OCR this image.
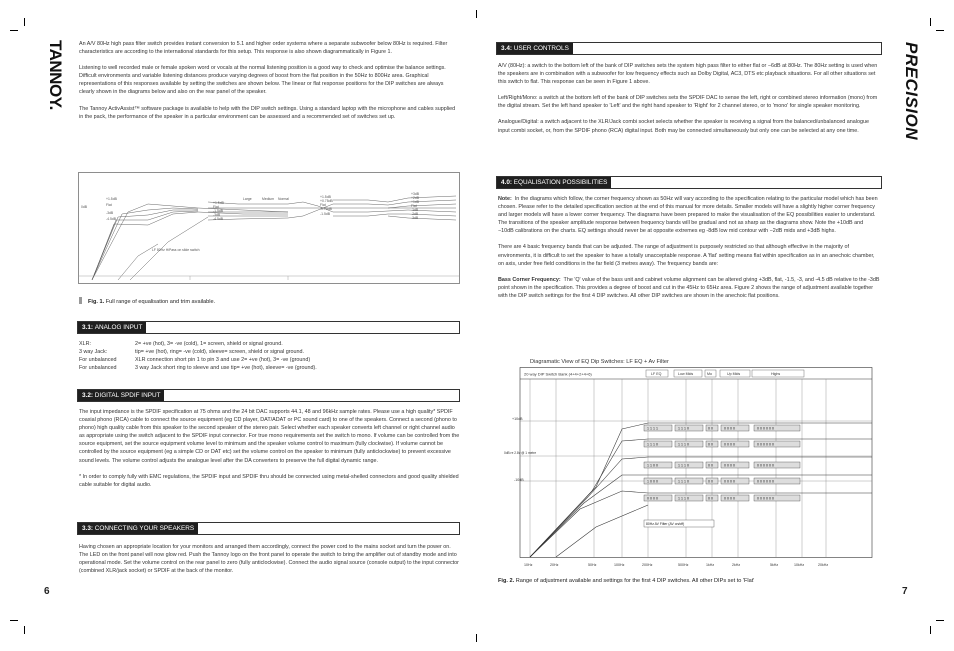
TANNOY.	PRECISION
6	7

An A/V 80Hz high pass filter switch provides instant conversion to 5.1 and higher order systems where a separate subwoofer below 80Hz is required. Filter characteristics are according to the international standards for this setup. This response is also shown diagrammatically in Figure 1.

Listening to well recorded male or female spoken word or vocals at the normal listening position is a good way to check and optimise the balance settings. Difficult environments and variable listening distances produce varying degrees of boost from the flat position in the 50Hz to 800Hz area. Graphical representations of this responses available by setting the switches are shown below. The linear or flat response positions for the DIP switches are always clearly shown in the diagrams below and also on the rear panel of the speaker.

The Tannoy ActivAssist™ software package is available to help with the DIP switch settings. Using a standard laptop with the microphone and cables supplied in the pack, the performance of the speaker in a particular environment can be assessed and a recommended set of switches set up.

0dB
+1.5dB
Flat
-3dB
-4.5dB
+1.5dB
Flat
-1.5dB
-3dB
-4.5dB
Large	Medium Normal	+1.5dB
+0.75dB
Flat
-0.75dB
-1.5dB
+3dB
+2dB
+1dB
Flat
-1dB
-2dB
-3dB
LF 80Hz HiPass on slide switch
Fig. 1. Full range of equalisation and trim available.
3.1: ANALOG INPUT
XLR:	2= +ve (hot), 3= -ve (cold), 1= screen, shield or signal ground.
3 way Jack:	tip= +ve (hot), ring= -ve (cold), sleeve= screen, shield or signal ground.
For unbalanced	XLR connection short pin 1 to pin 3 and use 2= +ve (hot), 3= -ve (ground)
For unbalanced	3 way Jack short ring to sleeve and use tip= +ve (hot), sleeve= -ve (ground).
3.2: DIGITAL SPDIF INPUT

The input impedance is the SPDIF specification at 75 ohms and the 24 bit DAC supports 44.1, 48 and 96kHz sample rates. Please use a high quality* SPDIF coaxial phono (RCA) cable to connect the source equipment (eg CD player, DAT/ADAT or PC sound card) to one of the speakers. Connect a second (phono to phono) high quality cable from this speaker to the second speaker of the stereo pair. Select whether each speaker converts left channel or right channel audio as appropriate using the switch adjacent to the SPDIF input connector. For true mono requirements set the switch to mono. If volume can be controlled from the source equipment, set the source equipment volume level to minimum and the speaker volume control to maximum (fully clockwise). If volume cannot be controlled by the source equipment (eg a simple CD or DAT etc) set the volume control on the speaker to minimum (fully anticlockwise) to prevent excessive sound levels. The volume control adjusts the analogue level after the DA converters to preserve the full digital dynamic range.

* In order to comply fully with EMC regulations, the SPDIF input and SPDIF thru should be connected using metal-shelled connectors and good quality shielded cable suitable for digital audio.

3.3: CONNECTING YOUR SPEAKERS

Having chosen an appropriate location for your monitors and arranged them accordingly, connect the power cord to the mains socket and turn the power on. The LED on the front panel will now glow red. Push the Tannoy logo on the front panel to operate the switch to bring the amplifier out of standby mode and into operational mode. Set the volume control on the rear panel to zero (fully anticlockwise). Connect the audio signal source (console output) to the input connector (combined XLR/jack socket) or SPDIF at the back of the monitor.

3.4: USER CONTROLS

A/V (80Hz): a switch to the bottom left of the bank of DIP switches sets the system high pass filter to either flat or −6dB at 80Hz. The 80Hz setting is used when the speakers are in combination with a subwoofer for low frequency effects such as Dolby Digital, AC3, DTS etc playback situations. For all other situations set this switch to flat. This response can be seen in Figure 1 above.

Left/Right/Mono: a switch at the bottom left of the bank of DIP switches sets the SPDIF DAC to sense the left, right or combined stereo information (mono) from the digital stream. Set the left hand speaker to 'Left' and the right hand speaker to 'Right' for 2 channel stereo, or to 'mono' for single speaker monitoring.

Analogue/Digital: a switch adjacent to the XLR/Jack combi socket selects whether the speaker is receiving a signal from the balanced/unbalanced analogue input combi socket, or, from the SPDIF phono (RCA) digital input. Both may be connected simultaneously but only one can be selected at any one time.

4.0: EQUALISATION POSSIBILITIES

Note: In the diagrams which follow, the corner frequency shown as 50Hz will vary according to the specification relating to the particular model which has been chosen. Please refer to the detailed specification section at the end of this manual for more details. Smaller models will have a slightly higher corner frequency and larger models will have a lower corner frequency. The diagrams have been prepared to make the visualisation of the EQ possibilities easier to understand. The transitions of the speaker amplitude response between frequency bands will be gradual and not as sharp as the diagrams show. Note the +10dB and −10dB calibrations on the charts. EQ settings should never be at opposite extremes eg -8dB low mid contour with −2dB mids and +3dB highs.

There are 4 basic frequency bands that can be adjusted. The range of adjustment is purposely restricted so that although effective in the majority of environments, it is difficult to set the speaker to have a totally unacceptable response. A 'flat' setting means flat within specification as in an anechoic chamber, on axis, under free field conditions in the far field (3 metres away). The frequency bands are:

Bass Corner Frequency: The 'Q' value of the bass unit and cabinet volume alignment can be altered giving +3dB, flat, -1.5, -3, and -4.5 dB relative to the -3dB point shown in the specification. This provides a degree of boost and cut in the 45Hz to 65Hz area. Figure 2 shows the range of adjustment available together with the DIP switch settings for the first 4 DIP switches. All other DIP switches are shown in the anechoic flat positions.

Diagramatic View of EQ Dip Switches: LF EQ + Av Filter
20 way DIP Switch Bank (4+4+2+4+6)	LF EQ	Low Mids	Mo	Up Mids	Highs
+10dB
0dB re 2.8v @ 1 metre
-10dB
1 1 1 1	1 1 1 0	0 0	0 0 0 0	0 0 0 0 0 0
1 1 1 0	1 1 1 0	0 0	0 0 0 0	0 0 0 0 0 0
1 1 0 0	1 1 1 0	0 0	0 0 0 0	0 0 0 0 0 0
1 0 0 0	1 1 1 0	0 0	0 0 0 0	0 0 0 0 0 0
0 0 0 0	1 1 1 0	0 0	0 0 0 0	0 0 0 0 0 0
80Hz AV Filter (AV on/off)
10Hz	20Hz	50Hz	100Hz	200Hz	500Hz	1kHz	2kHz	5kHz	10kHz	20kHz
Fig. 2. Range of adjustment available and settings for the first 4 DIP switches. All other DIPs set to 'Flat'
